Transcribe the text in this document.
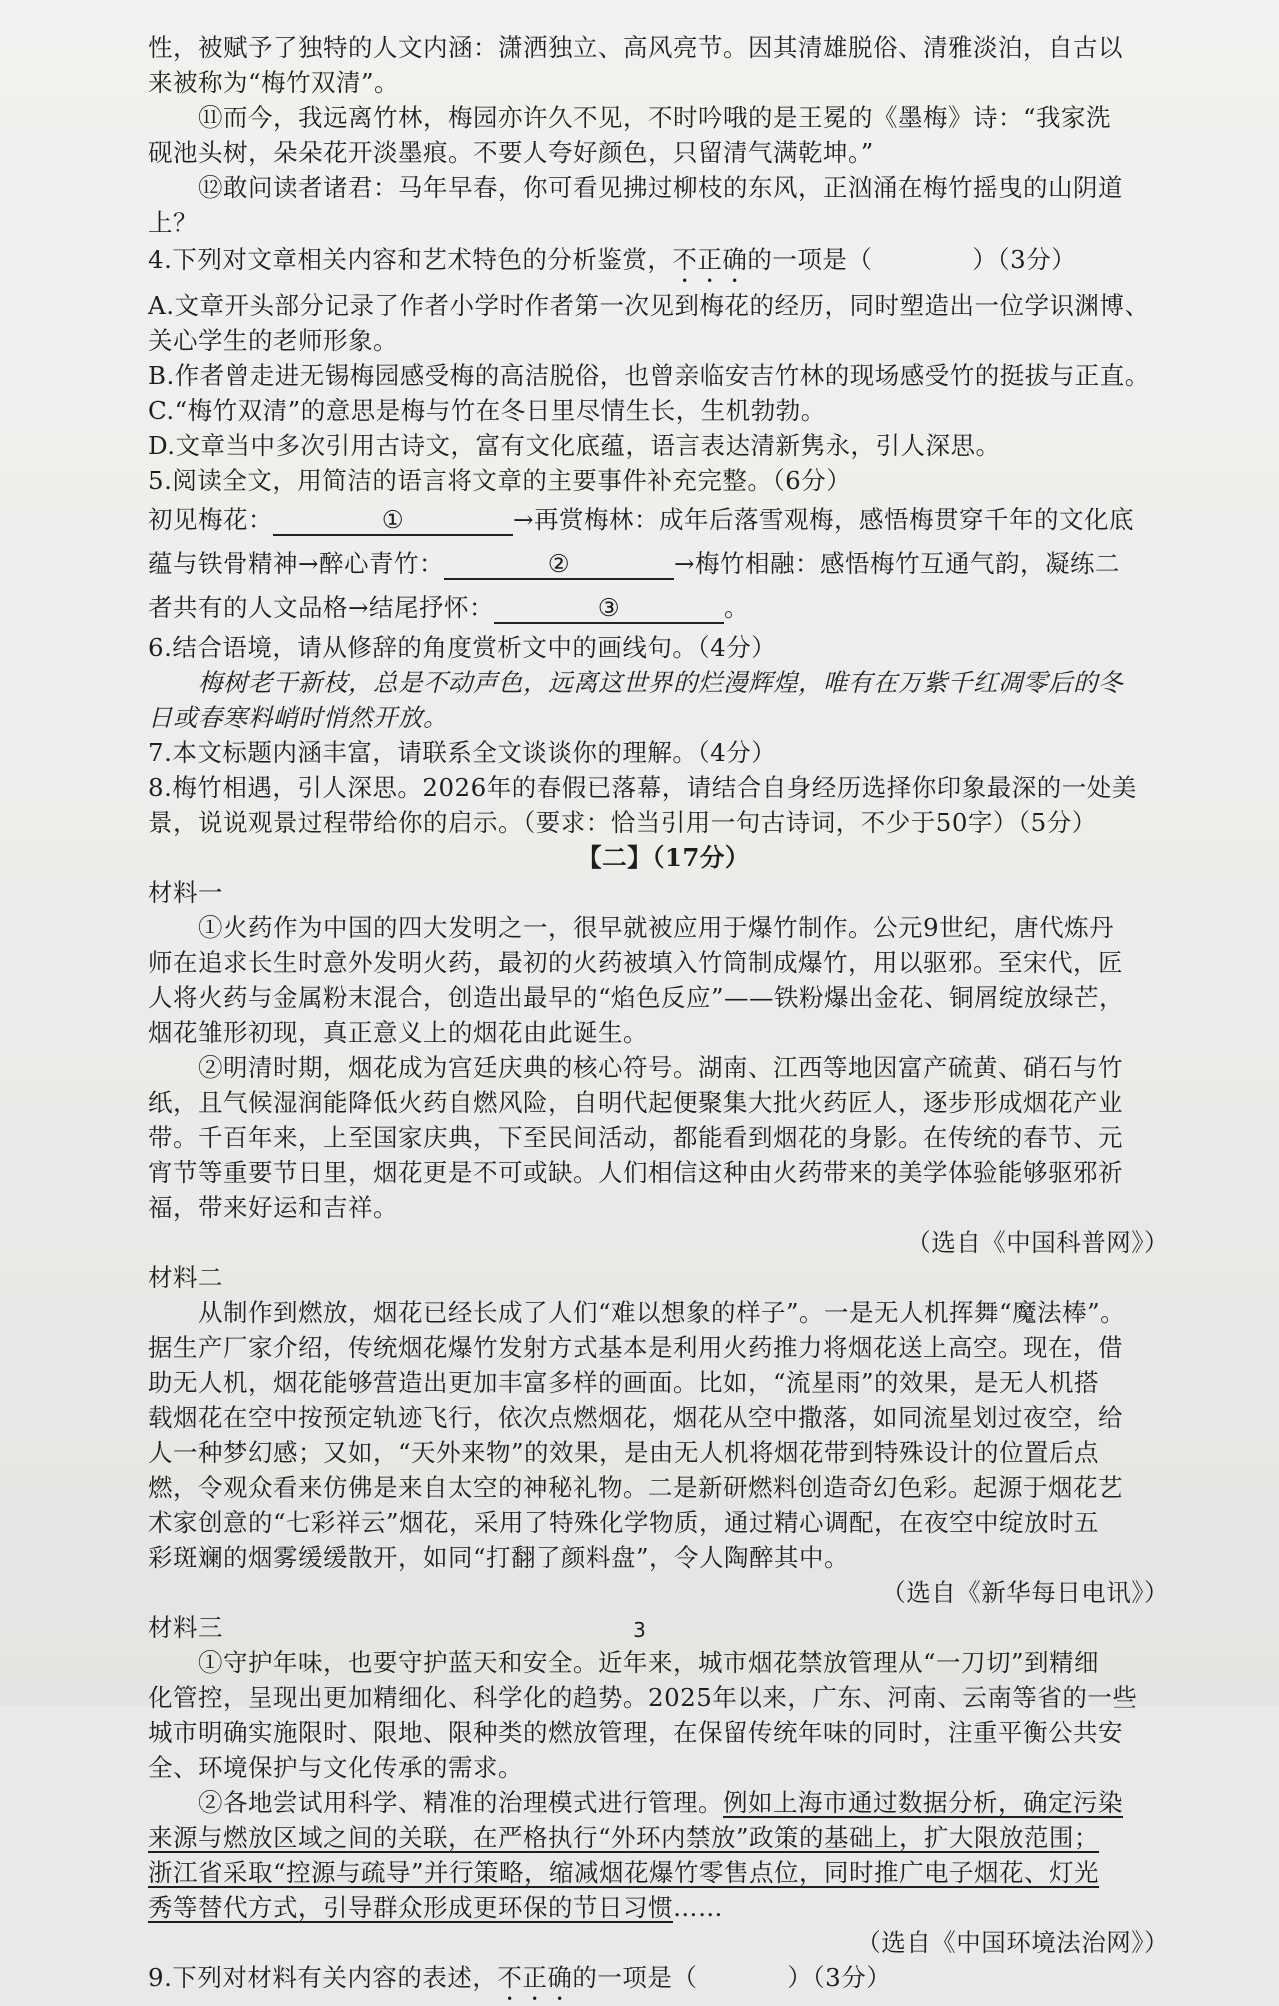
性，被赋予了独特的人文内涵：潇洒独立、高风亮节。因其清雄脱俗、清雅淡泊，自古以

来被称为“梅竹双清”。

⑪而今，我远离竹林，梅园亦许久不见，不时吟哦的是王冕的《墨梅》诗：“我家洗

砚池头树，朵朵花开淡墨痕。不要人夸好颜色，只留清气满乾坤。”

⑫敢问读者诸君：马年早春，你可看见拂过柳枝的东风，正汹涌在梅竹摇曳的山阴道

上？

4.下列对文章相关内容和艺术特色的分析鉴赏，不正确的一项是（	）（3分）

A.文章开头部分记录了作者小学时作者第一次见到梅花的经历，同时塑造出一位学识渊博、

关心学生的老师形象。

B.作者曾走进无锡梅园感受梅的高洁脱俗，也曾亲临安吉竹林的现场感受竹的挺拔与正直。

C.“梅竹双清”的意思是梅与竹在冬日里尽情生长，生机勃勃。

D.文章当中多次引用古诗文，富有文化底蕴，语言表达清新隽永，引人深思。

5.阅读全文，用简洁的语言将文章的主要事件补充完整。（6分）

初见梅花：	①	→再赏梅林：成年后落雪观梅，感悟梅贯穿千年的文化底

蕴与铁骨精神→醉心青竹：	②	→梅竹相融：感悟梅竹互通气韵，凝练二

者共有的人文品格→结尾抒怀：	③	。

6.结合语境，请从修辞的角度赏析文中的画线句。（4分）

梅树老干新枝，总是不动声色，远离这世界的烂漫辉煌，唯有在万紫千红凋零后的冬

日或春寒料峭时悄然开放。

7.本文标题内涵丰富，请联系全文谈谈你的理解。（4分）

8.梅竹相遇，引人深思。2026年的春假已落幕，请结合自身经历选择你印象最深的一处美

景，说说观景过程带给你的启示。（要求：恰当引用一句古诗词，不少于50字）（5分）

【二】（17分）

材料一

①火药作为中国的四大发明之一，很早就被应用于爆竹制作。公元9世纪，唐代炼丹

师在追求长生时意外发明火药，最初的火药被填入竹筒制成爆竹，用以驱邪。至宋代，匠

人将火药与金属粉末混合，创造出最早的“焰色反应”——铁粉爆出金花、铜屑绽放绿芒，

烟花雏形初现，真正意义上的烟花由此诞生。

②明清时期，烟花成为宫廷庆典的核心符号。湖南、江西等地因富产硫黄、硝石与竹

纸，且气候湿润能降低火药自燃风险，自明代起便聚集大批火药匠人，逐步形成烟花产业

带。千百年来，上至国家庆典，下至民间活动，都能看到烟花的身影。在传统的春节、元

宵节等重要节日里，烟花更是不可或缺。人们相信这种由火药带来的美学体验能够驱邪祈

福，带来好运和吉祥。

（选自《中国科普网》）

材料二

从制作到燃放，烟花已经长成了人们“难以想象的样子”。一是无人机挥舞“魔法棒”。

据生产厂家介绍，传统烟花爆竹发射方式基本是利用火药推力将烟花送上高空。现在，借

助无人机，烟花能够营造出更加丰富多样的画面。比如，“流星雨”的效果，是无人机搭

载烟花在空中按预定轨迹飞行，依次点燃烟花，烟花从空中撒落，如同流星划过夜空，给

人一种梦幻感；又如，“天外来物”的效果，是由无人机将烟花带到特殊设计的位置后点

燃，令观众看来仿佛是来自太空的神秘礼物。二是新研燃料创造奇幻色彩。起源于烟花艺

术家创意的“七彩祥云”烟花，采用了特殊化学物质，通过精心调配，在夜空中绽放时五

彩斑斓的烟雾缓缓散开，如同“打翻了颜料盘”，令人陶醉其中。

（选自《新华每日电讯》）

材料三

①守护年味，也要守护蓝天和安全。近年来，城市烟花禁放管理从“一刀切”到精细

化管控，呈现出更加精细化、科学化的趋势。2025年以来，广东、河南、云南等省的一些

城市明确实施限时、限地、限种类的燃放管理，在保留传统年味的同时，注重平衡公共安

全、环境保护与文化传承的需求。

②各地尝试用科学、精准的治理模式进行管理。例如上海市通过数据分析，确定污染

来源与燃放区域之间的关联，在严格执行“外环内禁放”政策的基础上，扩大限放范围；

浙江省采取“控源与疏导”并行策略，缩减烟花爆竹零售点位，同时推广电子烟花、灯光

秀等替代方式，引导群众形成更环保的节日习惯……

（选自《中国环境法治网》）

9.下列对材料有关内容的表述，不正确的一项是（	）（3分）

3
